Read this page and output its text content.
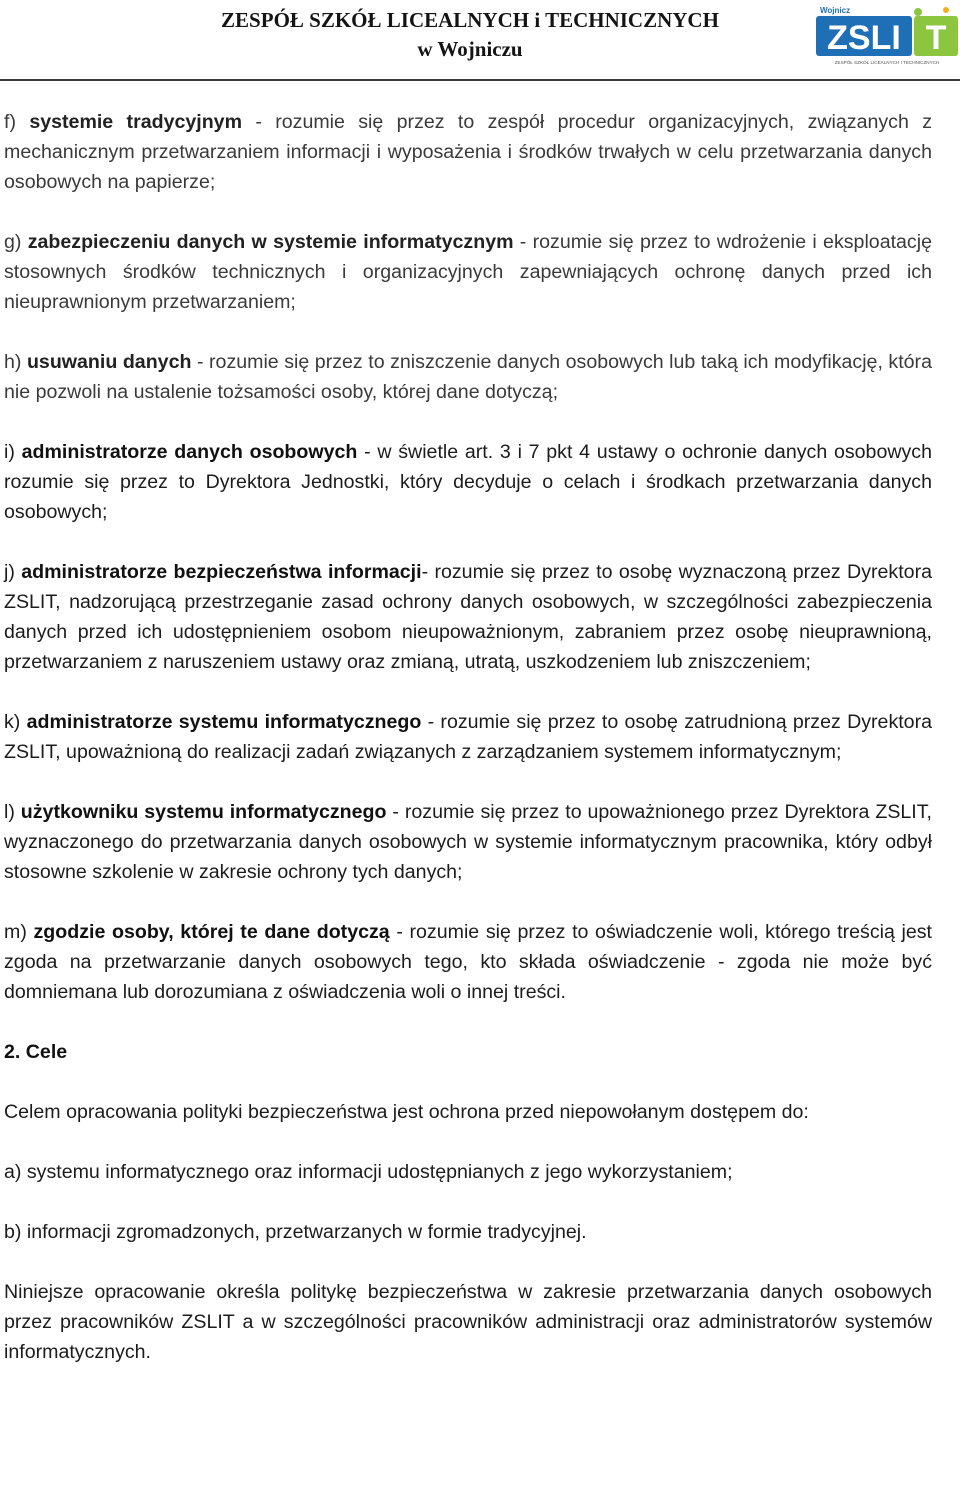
ZESPÓŁ SZKÓŁ LICEALNYCH i TECHNICZNYCH
w Wojniczu
Wojnicz
ZSLI T
ZESPÓŁ SZKÓŁ LICEALNYCH I TECHNICZNYCH

f) systemie tradycyjnym - rozumie się przez to zespół procedur organizacyjnych, związanych z mechanicznym przetwarzaniem informacji i wyposażenia i środków trwałych w celu przetwarzania danych osobowych na papierze;

g) zabezpieczeniu danych w systemie informatycznym - rozumie się przez to wdrożenie i eksploatację stosownych środków technicznych i organizacyjnych zapewniających ochronę danych przed ich nieuprawnionym przetwarzaniem;

h) usuwaniu danych - rozumie się przez to zniszczenie danych osobowych lub taką ich modyfikację, która nie pozwoli na ustalenie tożsamości osoby, której dane dotyczą;

i) administratorze danych osobowych - w świetle art. 3 i 7 pkt 4 ustawy o ochronie danych osobowych rozumie się przez to Dyrektora Jednostki, który decyduje o celach i środkach przetwarzania danych osobowych;

j) administratorze bezpieczeństwa informacji- rozumie się przez to osobę wyznaczoną przez Dyrektora ZSLIT, nadzorującą przestrzeganie zasad ochrony danych osobowych, w szczególności zabezpieczenia danych przed ich udostępnieniem osobom nieupoważnionym, zabraniem przez osobę nieuprawnioną, przetwarzaniem z naruszeniem ustawy oraz zmianą, utratą, uszkodzeniem lub zniszczeniem;

k) administratorze systemu informatycznego - rozumie się przez to osobę zatrudnioną przez Dyrektora ZSLIT, upoważnioną do realizacji zadań związanych z zarządzaniem systemem informatycznym;

l) użytkowniku systemu informatycznego - rozumie się przez to upoważnionego przez Dyrektora ZSLIT, wyznaczonego do przetwarzania danych osobowych w systemie informatycznym pracownika, który odbył stosowne szkolenie w zakresie ochrony tych danych;

m) zgodzie osoby, której te dane dotyczą - rozumie się przez to oświadczenie woli, którego treścią jest zgoda na przetwarzanie danych osobowych tego, kto składa oświadczenie - zgoda nie może być domniemana lub dorozumiana z oświadczenia woli o innej treści.

2. Cele

Celem opracowania polityki bezpieczeństwa jest ochrona przed niepowołanym dostępem do:

a) systemu informatycznego oraz informacji udostępnianych z jego wykorzystaniem;

b) informacji zgromadzonych, przetwarzanych w formie tradycyjnej.

Niniejsze opracowanie określa politykę bezpieczeństwa w zakresie przetwarzania danych osobowych przez pracowników ZSLIT a w szczególności pracowników administracji oraz administratorów systemów informatycznych.
